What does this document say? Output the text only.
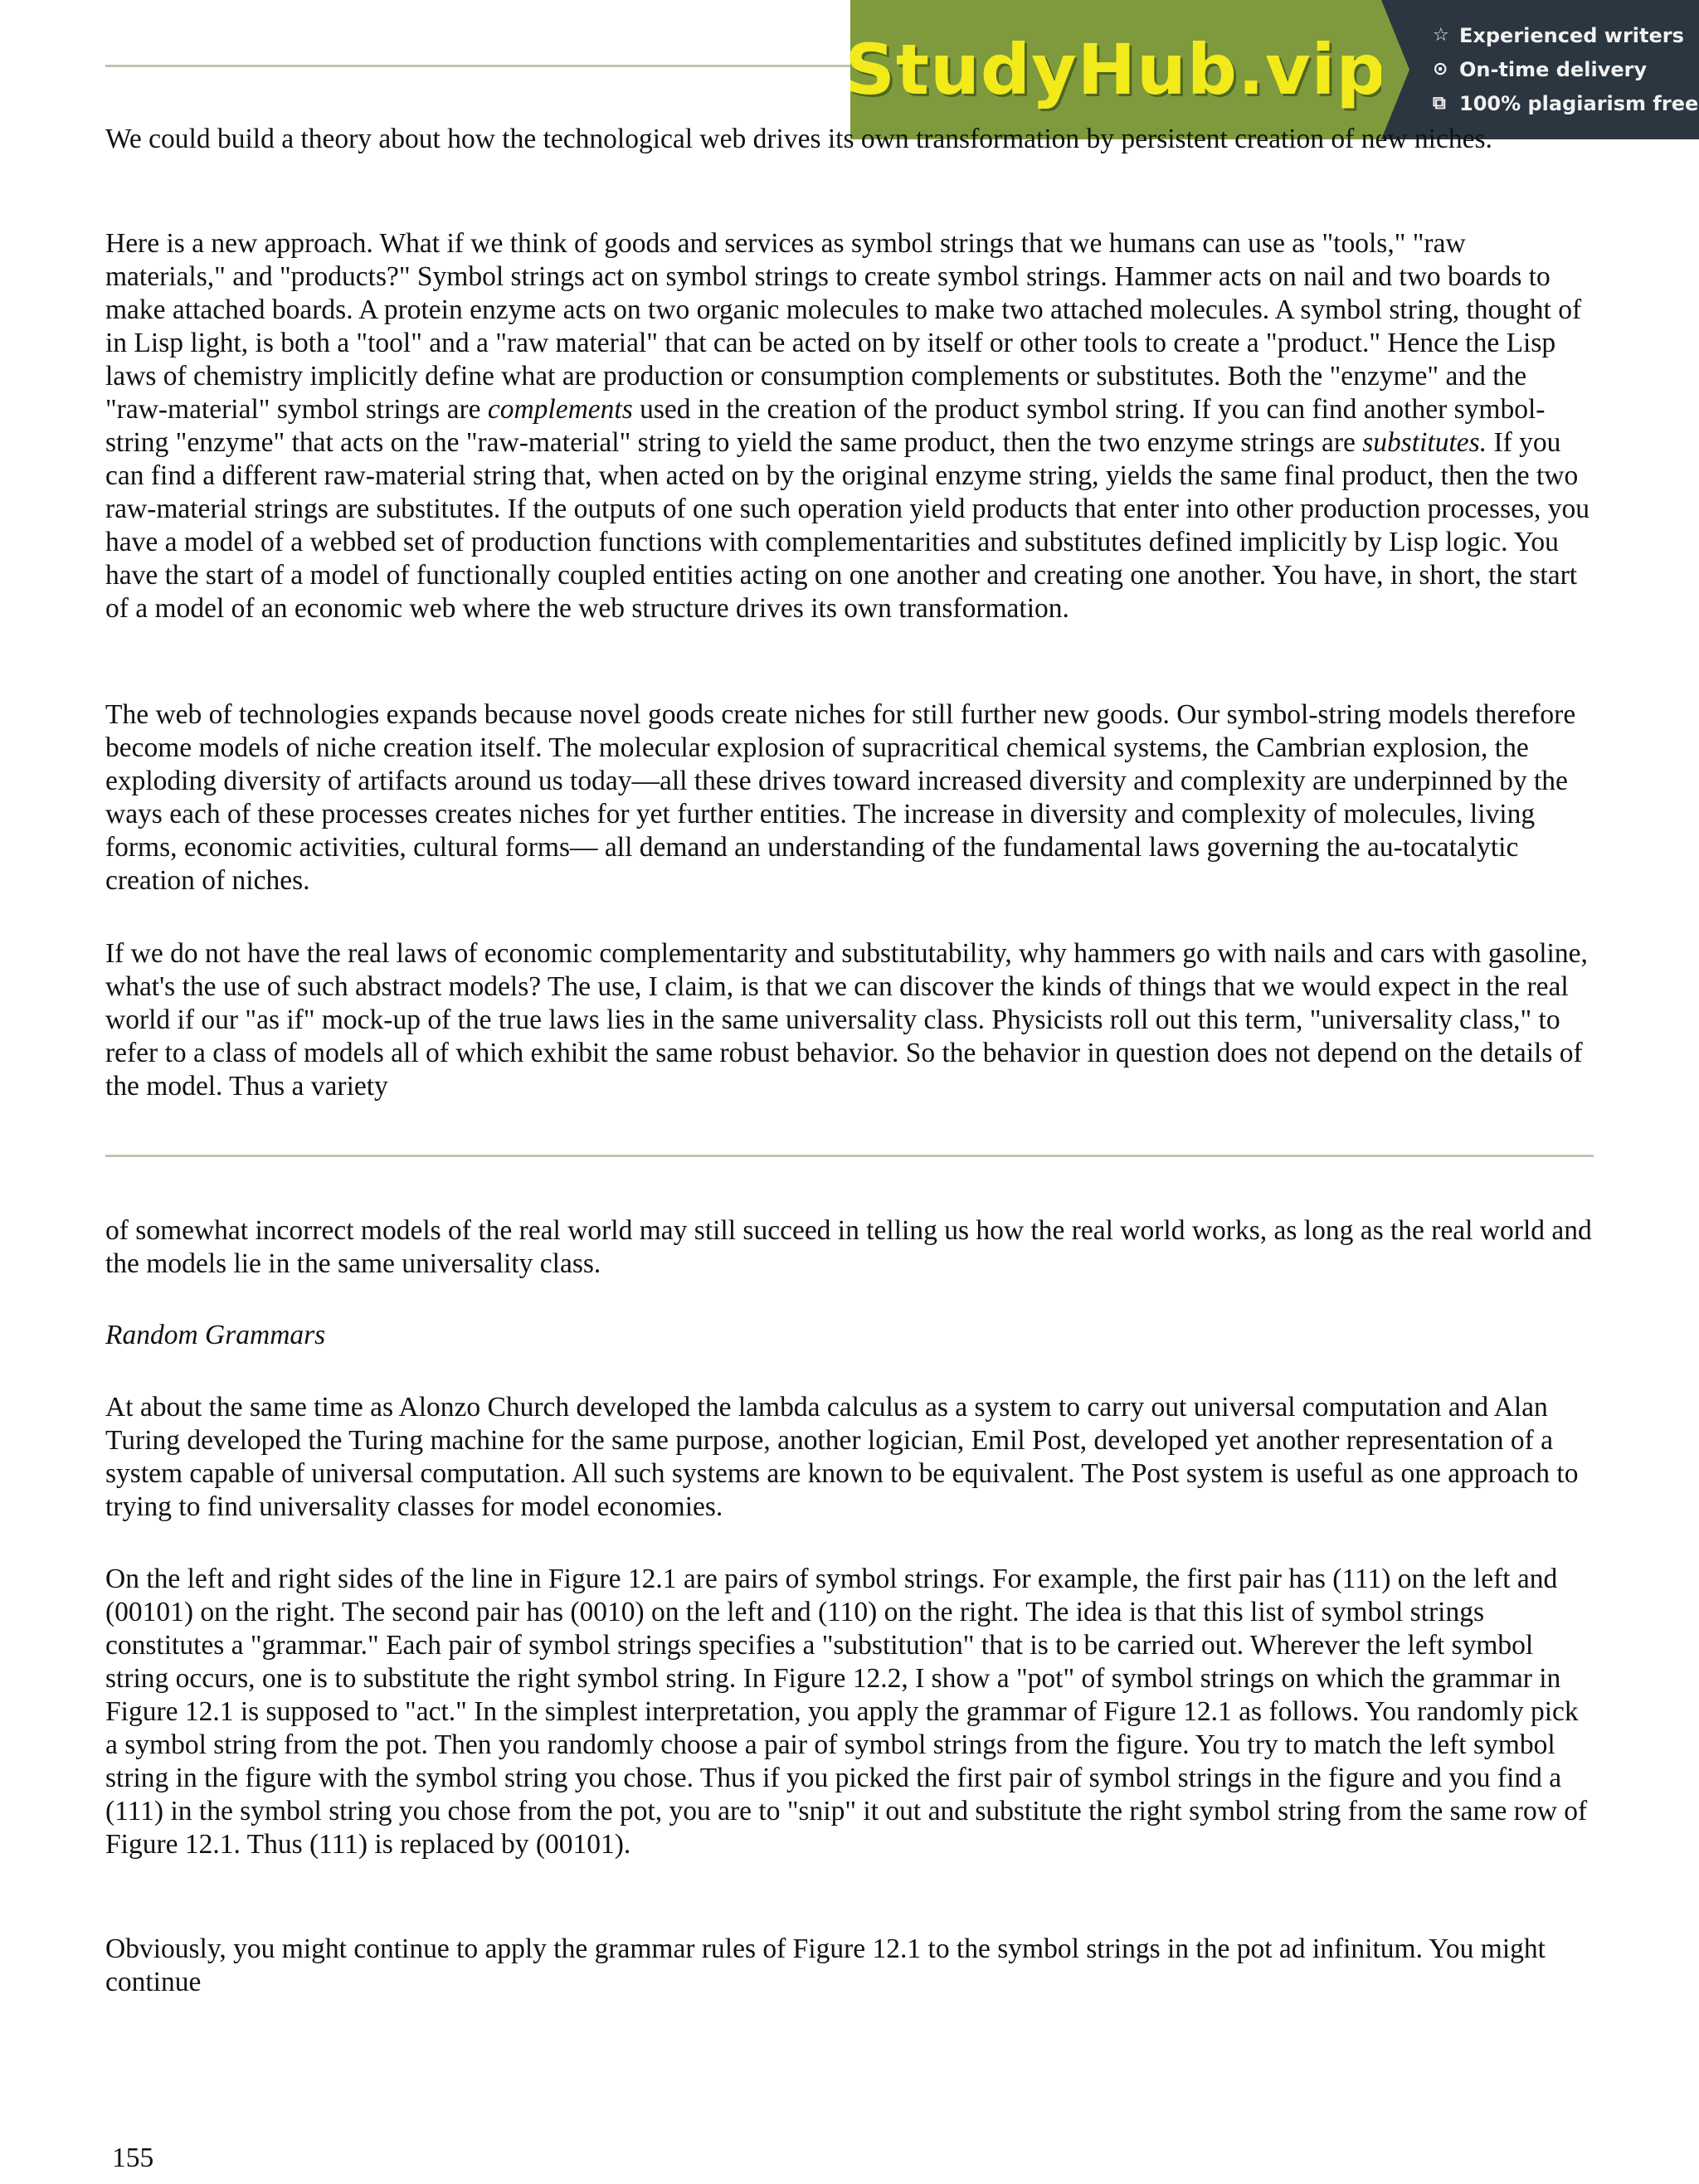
StudyHub.vip	☆ Experienced writers
⊙ On-time delivery
⧉ 100% plagiarism free

We could build a theory about how the technological web drives its own transformation by persistent creation of new niches.

Here is a new approach. What if we think of goods and services as symbol strings that we humans can use as "tools," "raw materials," and "products?" Symbol strings act on symbol strings to create symbol strings. Hammer acts on nail and two boards to make attached boards. A protein enzyme acts on two organic molecules to make two attached molecules. A symbol string, thought of in Lisp light, is both a "tool" and a "raw material" that can be acted on by itself or other tools to create a "product." Hence the Lisp laws of chemistry implicitly define what are production or consumption complements or substitutes. Both the "enzyme" and the "raw-material" symbol strings are complements used in the creation of the product symbol string. If you can find another symbol-string "enzyme" that acts on the "raw-material" string to yield the same product, then the two enzyme strings are substitutes. If you can find a different raw-material string that, when acted on by the original enzyme string, yields the same final product, then the two raw-material strings are substitutes. If the outputs of one such operation yield products that enter into other production processes, you have a model of a webbed set of production functions with complementarities and substitutes defined implicitly by Lisp logic. You have the start of a model of functionally coupled entities acting on one another and creating one another. You have, in short, the start of a model of an economic web where the web structure drives its own transformation.

The web of technologies expands because novel goods create niches for still further new goods. Our symbol-string models therefore become models of niche creation itself. The molecular explosion of supracritical chemical systems, the Cambrian explosion, the exploding diversity of artifacts around us today—all these drives toward increased diversity and complexity are underpinned by the ways each of these processes creates niches for yet further entities. The increase in diversity and complexity of molecules, living forms, economic activities, cultural forms— all demand an understanding of the fundamental laws governing the au-tocatalytic creation of niches.

If we do not have the real laws of economic complementarity and substitutability, why hammers go with nails and cars with gasoline, what's the use of such abstract models? The use, I claim, is that we can discover the kinds of things that we would expect in the real world if our "as if" mock-up of the true laws lies in the same universality class. Physicists roll out this term, "universality class," to refer to a class of models all of which exhibit the same robust behavior. So the behavior in question does not depend on the details of the model. Thus a variety

of somewhat incorrect models of the real world may still succeed in telling us how the real world works, as long as the real world and the models lie in the same universality class.

Random Grammars

At about the same time as Alonzo Church developed the lambda calculus as a system to carry out universal computation and Alan Turing developed the Turing machine for the same purpose, another logician, Emil Post, developed yet another representation of a system capable of universal computation. All such systems are known to be equivalent. The Post system is useful as one approach to trying to find universality classes for model economies.

On the left and right sides of the line in Figure 12.1 are pairs of symbol strings. For example, the first pair has (111) on the left and (00101) on the right. The second pair has (0010) on the left and (110) on the right. The idea is that this list of symbol strings constitutes a "grammar." Each pair of symbol strings specifies a "substitution" that is to be carried out. Wherever the left symbol string occurs, one is to substitute the right symbol string. In Figure 12.2, I show a "pot" of symbol strings on which the grammar in Figure 12.1 is supposed to "act." In the simplest interpretation, you apply the grammar of Figure 12.1 as follows. You randomly pick a symbol string from the pot. Then you randomly choose a pair of symbol strings from the figure. You try to match the left symbol string in the figure with the symbol string you chose. Thus if you picked the first pair of symbol strings in the figure and you find a (111) in the symbol string you chose from the pot, you are to "snip" it out and substitute the right symbol string from the same row of Figure 12.1. Thus (111) is replaced by (00101).

Obviously, you might continue to apply the grammar rules of Figure 12.1 to the symbol strings in the pot ad infinitum. You might continue

155
